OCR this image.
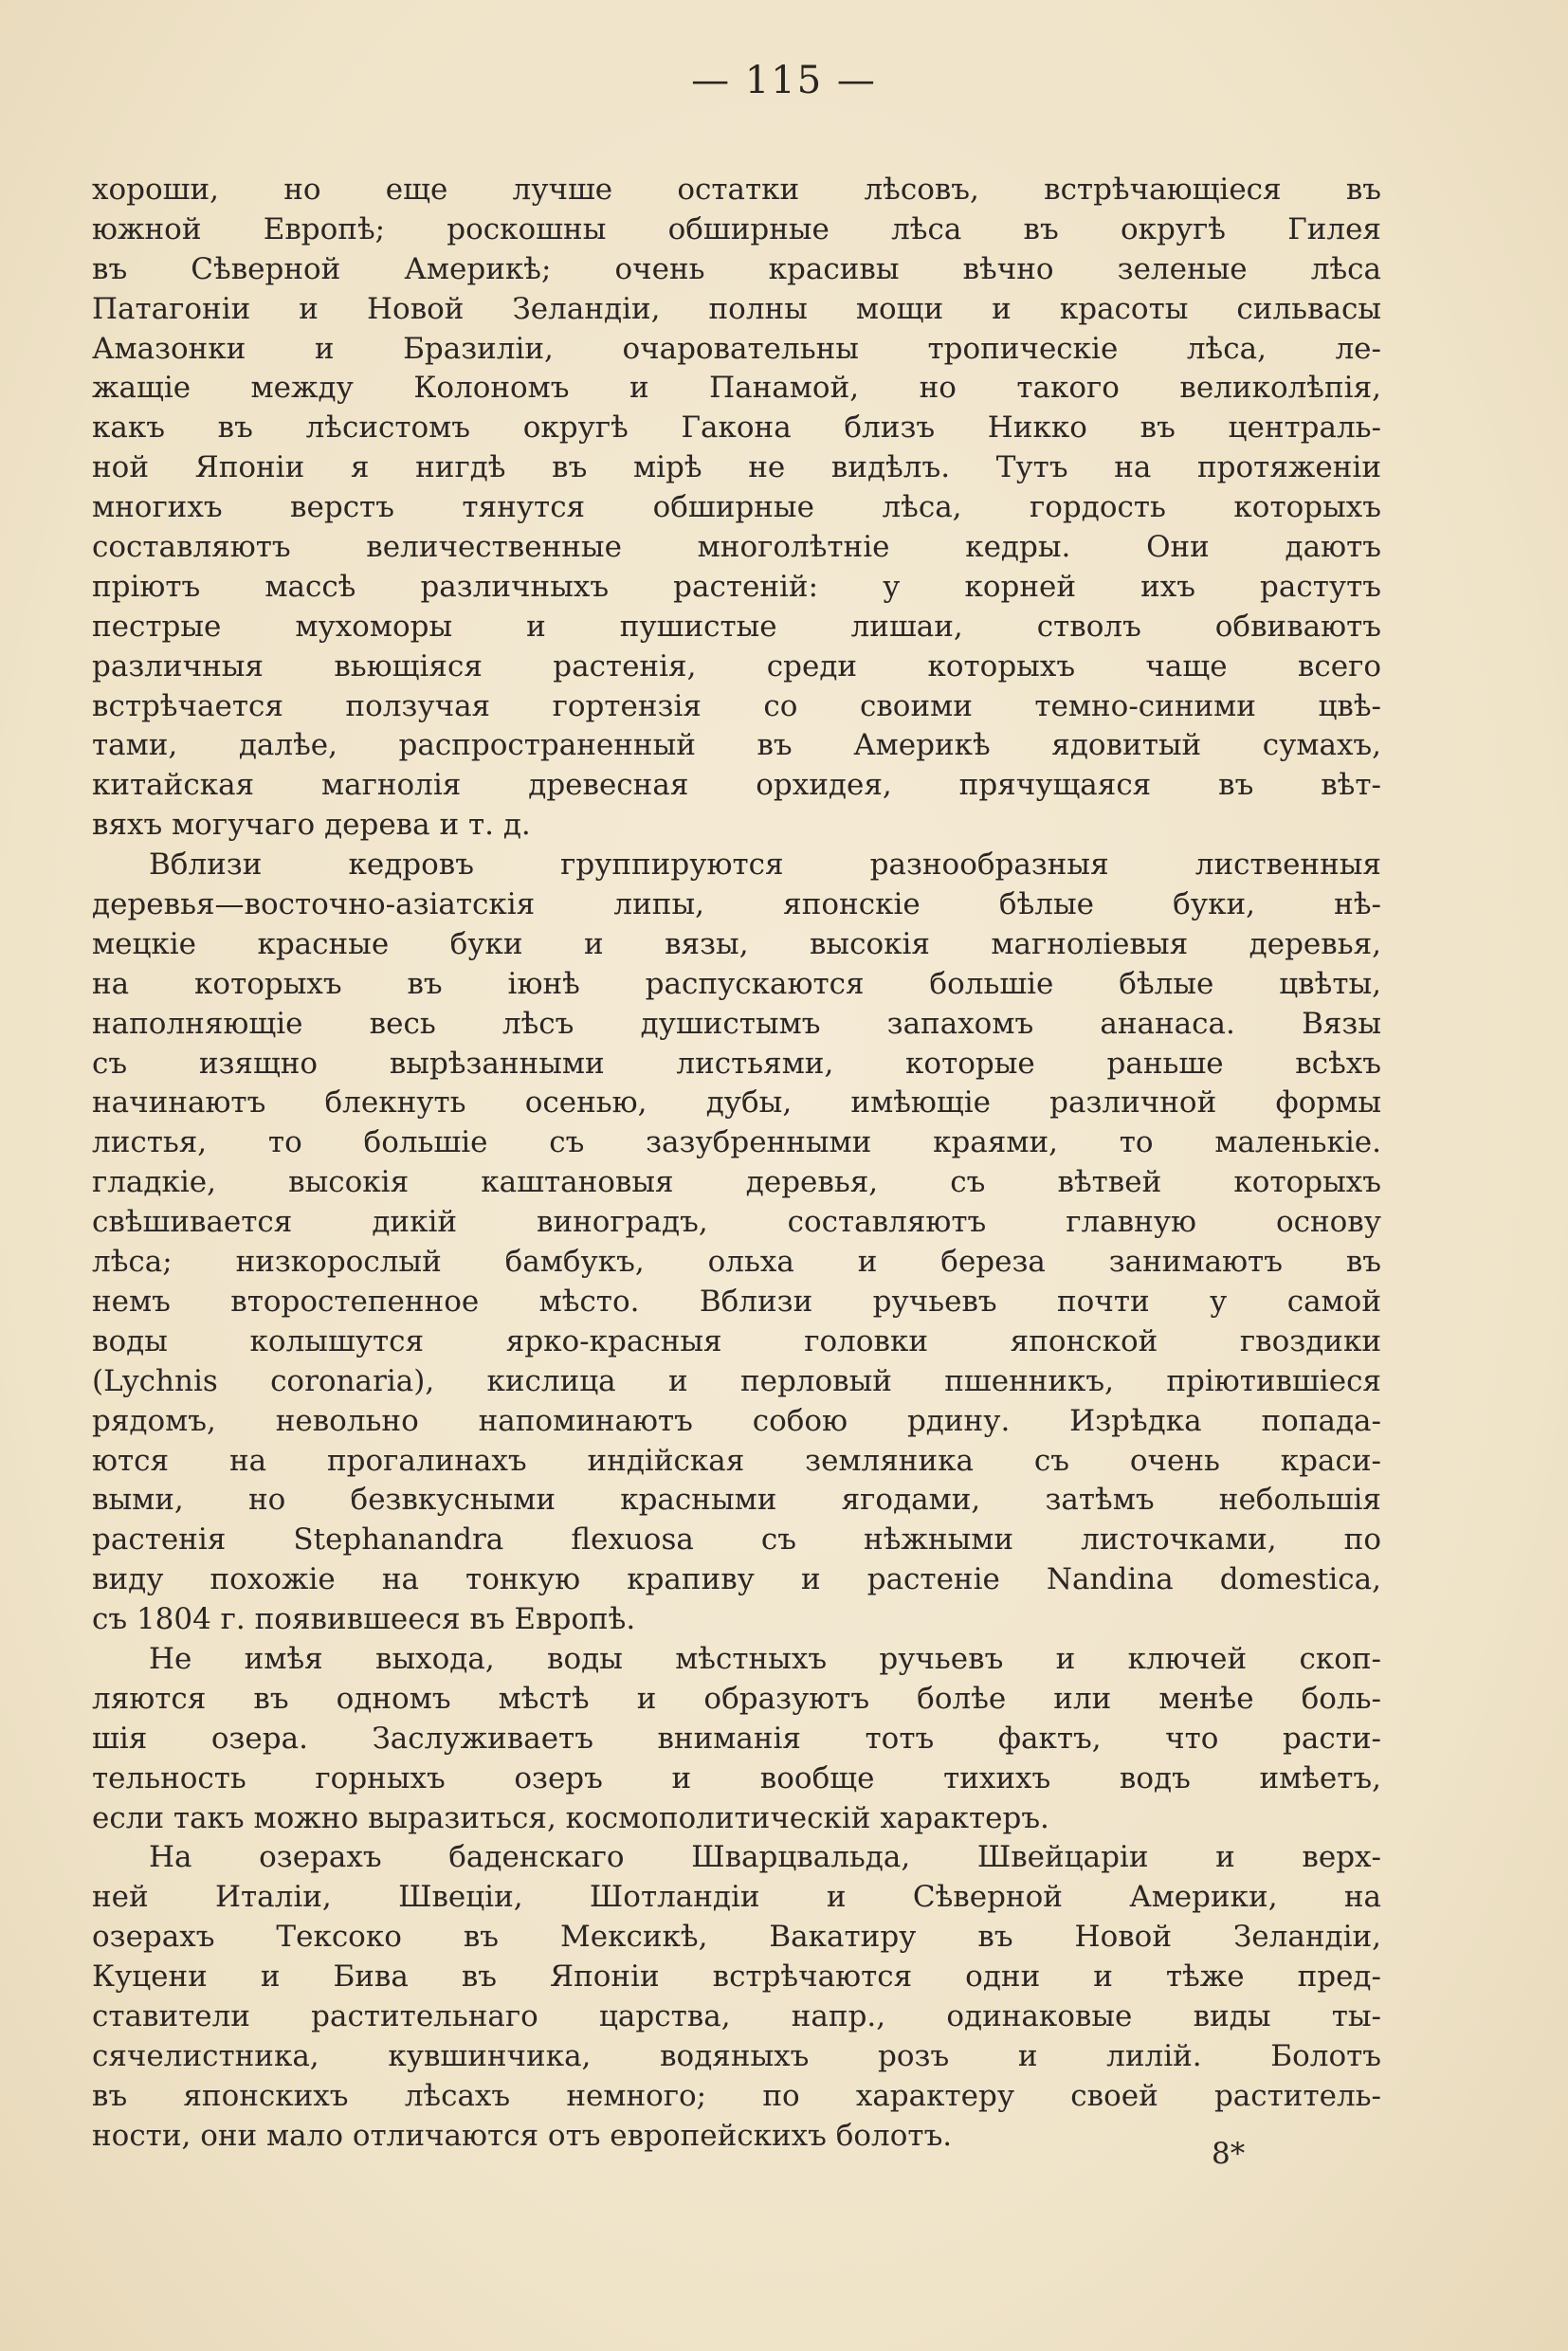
— 115 —
хороши, но еще лучше остатки лѣсовъ, встрѣчающіеся въ
южной Европѣ; роскошны обширные лѣса въ округѣ Гилея
въ Сѣверной Америкѣ; очень красивы вѣчно зеленые лѣса
Патагоніи и Новой Зеландіи, полны мощи и красоты сильвасы
Амазонки и Бразиліи, очаровательны тропическіе лѣса, ле-
жащіе между Колономъ и Панамой, но такого великолѣпія,
какъ въ лѣсистомъ округѣ Гакона близъ Никко въ централь-
ной Японіи я нигдѣ въ мірѣ не видѣлъ. Тутъ на протяженіи
многихъ верстъ тянутся обширные лѣса, гордость которыхъ
составляютъ величественные многолѣтніе кедры. Они даютъ
пріютъ массѣ различныхъ растеній: у корней ихъ растутъ
пестрые мухоморы и пушистые лишаи, стволъ обвиваютъ
различныя вьющіяся растенія, среди которыхъ чаще всего
встрѣчается ползучая гортензія со своими темно-синими цвѣ-
тами, далѣе, распространенный въ Америкѣ ядовитый сумахъ,
китайская магнолія древесная орхидея, прячущаяся въ вѣт-
вяхъ могучаго дерева и т. д.
Вблизи кедровъ группируются разнообразныя лиственныя
деревья—восточно-азіатскія липы, японскіе бѣлые буки, нѣ-
мецкіе красные буки и вязы, высокія магноліевыя деревья,
на которыхъ въ іюнѣ распускаются большіе бѣлые цвѣты,
наполняющіе весь лѣсъ душистымъ запахомъ ананаса. Вязы
съ изящно вырѣзанными листьями, которые раньше всѣхъ
начинаютъ блекнуть осенью, дубы, имѣющіе различной формы
листья, то большіе съ зазубренными краями, то маленькіе.
гладкіе, высокія каштановыя деревья, съ вѣтвей которыхъ
свѣшивается дикій виноградъ, составляютъ главную основу
лѣса; низкорослый бамбукъ, ольха и береза занимаютъ въ
немъ второстепенное мѣсто. Вблизи ручьевъ почти у самой
воды колышутся ярко-красныя головки японской гвоздики
(Lychnis coronaria), кислица и перловый пшенникъ, пріютившіеся
рядомъ, невольно напоминаютъ собою рдину. Изрѣдка попада-
ются на прогалинахъ индійская земляника съ очень краси-
выми, но безвкусными красными ягодами, затѣмъ небольшія
растенія Stephanandra flexuosa съ нѣжными листочками, по
виду похожіе на тонкую крапиву и растеніе Nandina domestica,
съ 1804 г. появившееся въ Европѣ.
Не имѣя выхода, воды мѣстныхъ ручьевъ и ключей скоп-
ляются въ одномъ мѣстѣ и образуютъ болѣе или менѣе боль-
шія озера. Заслуживаетъ вниманія тотъ фактъ, что расти-
тельность горныхъ озеръ и вообще тихихъ водъ имѣетъ,
если такъ можно выразиться, космополитическій характеръ.
На озерахъ баденскаго Шварцвальда, Швейцаріи и верх-
ней Италіи, Швеціи, Шотландіи и Сѣверной Америки, на
озерахъ Тексоко въ Мексикѣ, Вакатиру въ Новой Зеландіи,
Куцени и Бива въ Японіи встрѣчаются одни и тѣже пред-
ставители растительнаго царства, напр., одинаковые виды ты-
сячелистника, кувшинчика, водяныхъ розъ и лилій. Болотъ
въ японскихъ лѣсахъ немного; по характеру своей раститель-
ности, они мало отличаются отъ европейскихъ болотъ.
8*
